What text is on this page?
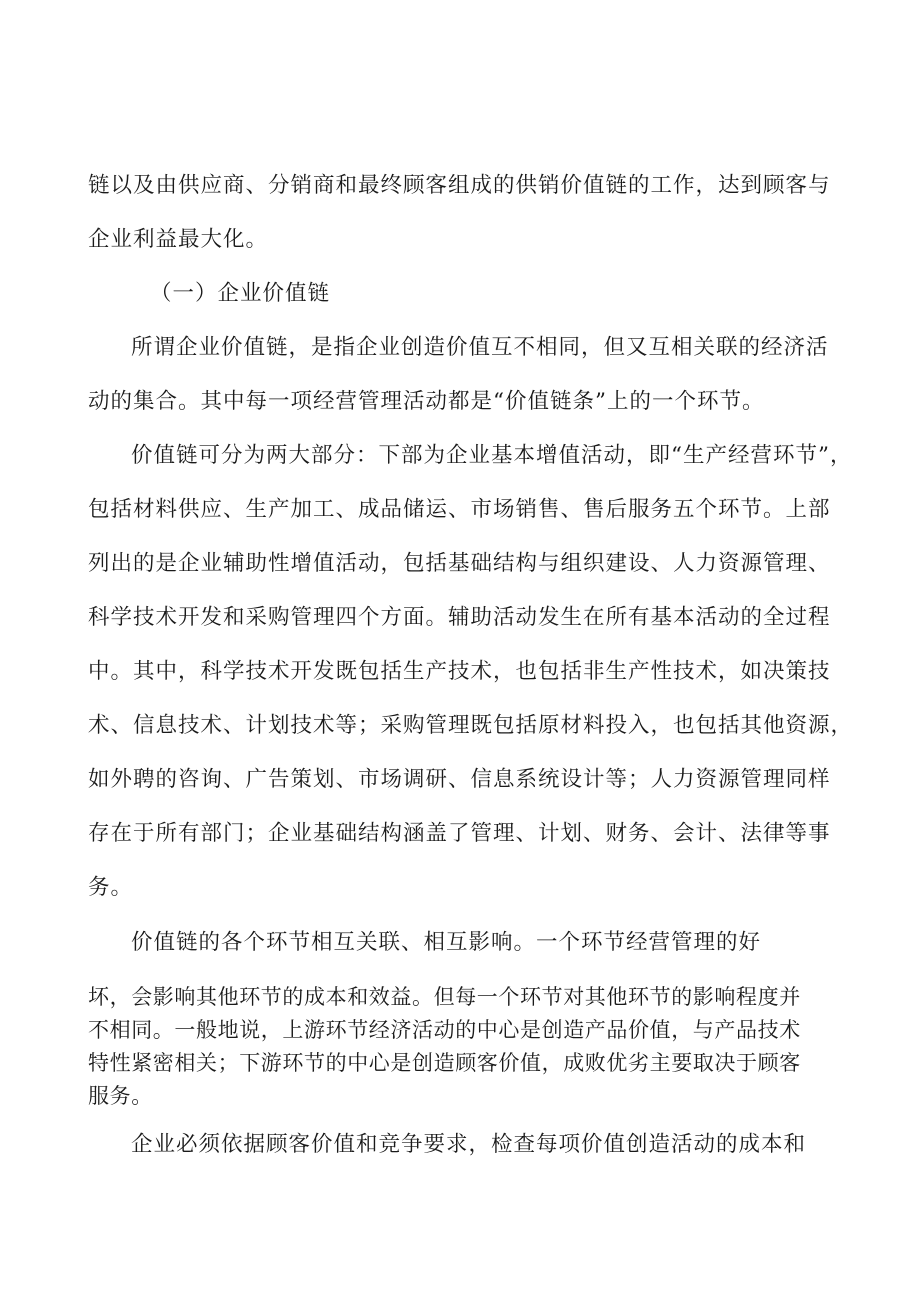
链以及由供应商、分销商和最终顾客组成的供销价值链的工作，达到顾客与
企业利益最大化。
（一）企业价值链
所谓企业价值链，是指企业创造价值互不相同，但又互相关联的经济活
动的集合。其中每一项经营管理活动都是“价值链条”上的一个环节。
价值链可分为两大部分：下部为企业基本增值活动，即“生产经营环节”，
包括材料供应、生产加工、成品储运、市场销售、售后服务五个环节。上部
列出的是企业辅助性增值活动，包括基础结构与组织建设、人力资源管理、
科学技术开发和采购管理四个方面。辅助活动发生在所有基本活动的全过程
中。其中，科学技术开发既包括生产技术，也包括非生产性技术，如决策技
术、信息技术、计划技术等；采购管理既包括原材料投入，也包括其他资源，
如外聘的咨询、广告策划、市场调研、信息系统设计等；人力资源管理同样
存在于所有部门；企业基础结构涵盖了管理、计划、财务、会计、法律等事
务。
价值链的各个环节相互关联、相互影响。一个环节经营管理的好
坏，会影响其他环节的成本和效益。但每一个环节对其他环节的影响程度并
不相同。一般地说，上游环节经济活动的中心是创造产品价值，与产品技术
特性紧密相关；下游环节的中心是创造顾客价值，成败优劣主要取决于顾客
服务。
企业必须依据顾客价值和竞争要求，检查每项价值创造活动的成本和
